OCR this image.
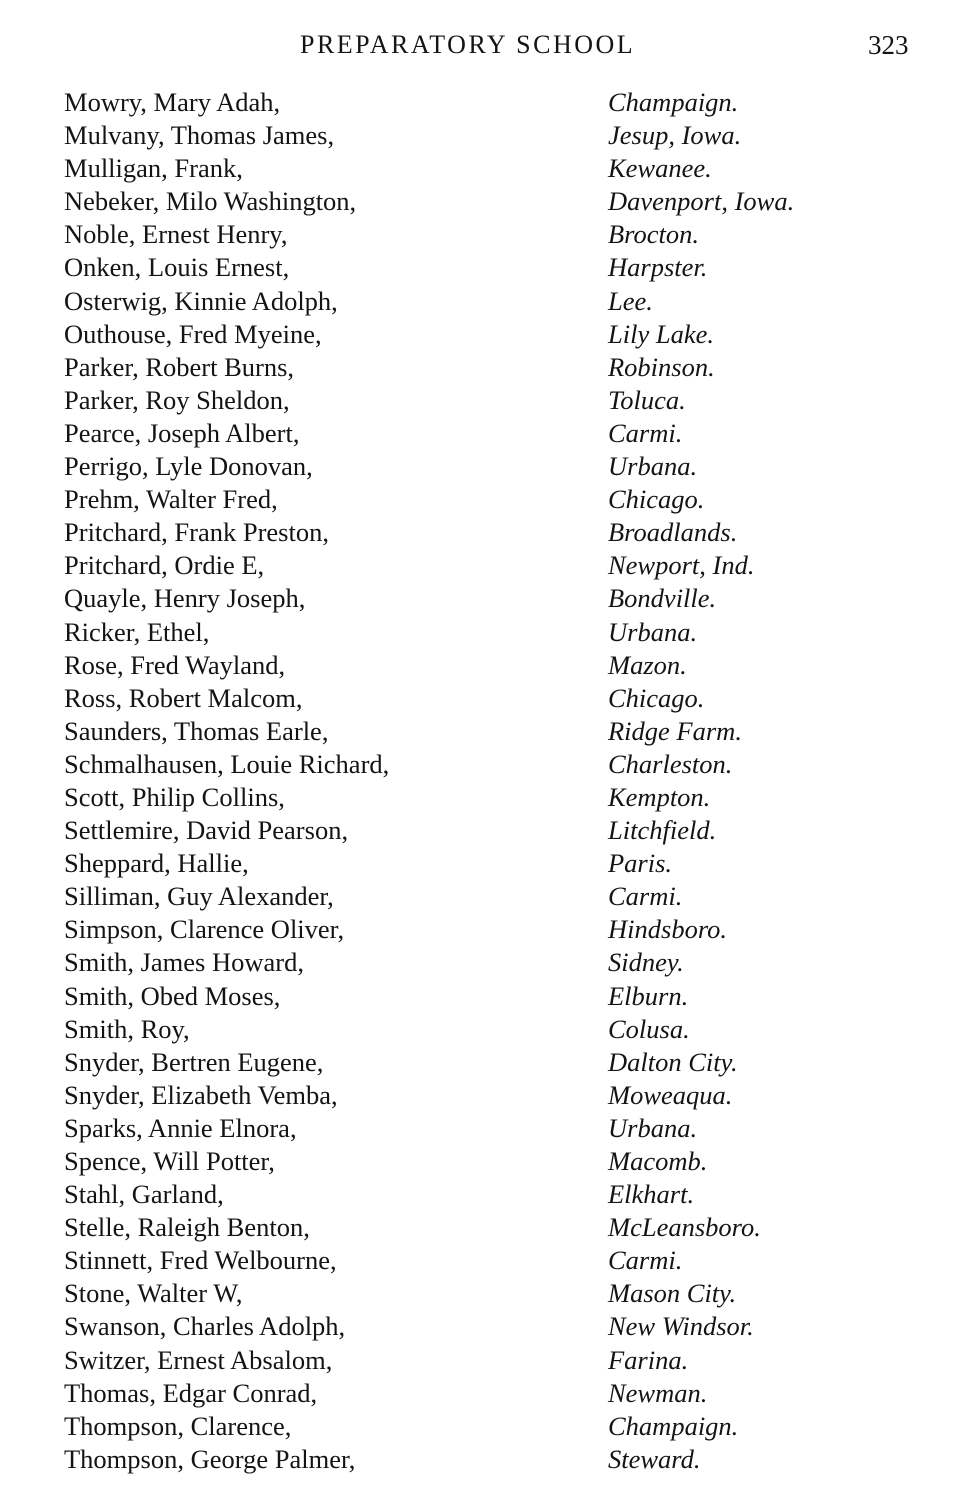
PREPARATORY SCHOOL	323
Mowry, Mary Adah,	Champaign.
Mulvany, Thomas James,	Jesup, Iowa.
Mulligan, Frank,	Kewanee.
Nebeker, Milo Washington,	Davenport, Iowa.
Noble, Ernest Henry,	Brocton.
Onken, Louis Ernest,	Harpster.
Osterwig, Kinnie Adolph,	Lee.
Outhouse, Fred Myeine,	Lily Lake.
Parker, Robert Burns,	Robinson.
Parker, Roy Sheldon,	Toluca.
Pearce, Joseph Albert,	Carmi.
Perrigo, Lyle Donovan,	Urbana.
Prehm, Walter Fred,	Chicago.
Pritchard, Frank Preston,	Broadlands.
Pritchard, Ordie E,	Newport, Ind.
Quayle, Henry Joseph,	Bondville.
Ricker, Ethel,	Urbana.
Rose, Fred Wayland,	Mazon.
Ross, Robert Malcom,	Chicago.
Saunders, Thomas Earle,	Ridge Farm.
Schmalhausen, Louie Richard,	Charleston.
Scott, Philip Collins,	Kempton.
Settlemire, David Pearson,	Litchfield.
Sheppard, Hallie,	Paris.
Silliman, Guy Alexander,	Carmi.
Simpson, Clarence Oliver,	Hindsboro.
Smith, James Howard,	Sidney.
Smith, Obed Moses,	Elburn.
Smith, Roy,	Colusa.
Snyder, Bertren Eugene,	Dalton City.
Snyder, Elizabeth Vemba,	Moweaqua.
Sparks, Annie Elnora,	Urbana.
Spence, Will Potter,	Macomb.
Stahl, Garland,	Elkhart.
Stelle, Raleigh Benton,	McLeansboro.
Stinnett, Fred Welbourne,	Carmi.
Stone, Walter W,	Mason City.
Swanson, Charles Adolph,	New Windsor.
Switzer, Ernest Absalom,	Farina.
Thomas, Edgar Conrad,	Newman.
Thompson, Clarence,	Champaign.
Thompson, George Palmer,	Steward.
